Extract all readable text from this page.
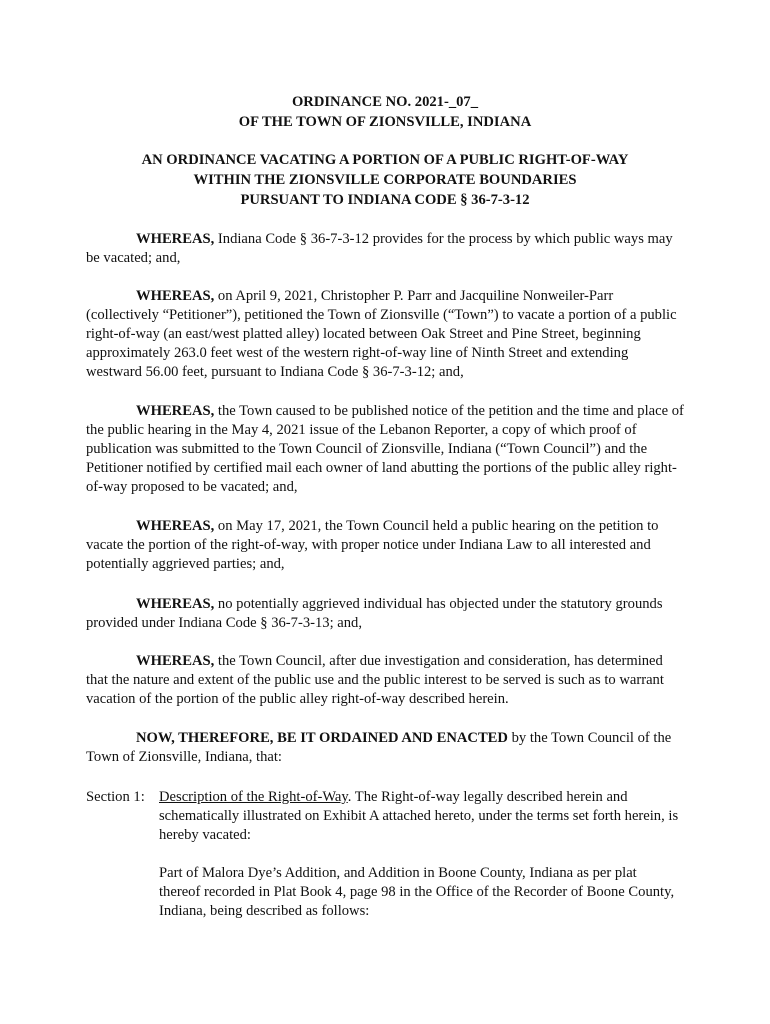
ORDINANCE NO. 2021-_07_

OF THE TOWN OF ZIONSVILLE, INDIANA

AN ORDINANCE VACATING A PORTION OF A PUBLIC RIGHT-OF-WAY

WITHIN THE ZIONSVILLE CORPORATE BOUNDARIES

PURSUANT TO INDIANA CODE § 36-7-3-12

WHEREAS, Indiana Code § 36-7-3-12 provides for the process by which public ways may be vacated; and,

WHEREAS, on April 9, 2021, Christopher P. Parr and Jacquiline Nonweiler-Parr (collectively “Petitioner”), petitioned the Town of Zionsville (“Town”) to vacate a portion of a public right-of-way (an east/west platted alley) located between Oak Street and Pine Street, beginning approximately 263.0 feet west of the western right-of-way line of Ninth Street and extending westward 56.00 feet, pursuant to Indiana Code § 36-7-3-12; and,

WHEREAS, the Town caused to be published notice of the petition and the time and place of the public hearing in the May 4, 2021 issue of the Lebanon Reporter, a copy of which proof of publication was submitted to the Town Council of Zionsville, Indiana (“Town Council”) and the Petitioner notified by certified mail each owner of land abutting the portions of the public alley right-of-way proposed to be vacated; and,

WHEREAS, on May 17, 2021, the Town Council held a public hearing on the petition to vacate the portion of the right-of-way, with proper notice under Indiana Law to all interested and potentially aggrieved parties; and,

WHEREAS, no potentially aggrieved individual has objected under the statutory grounds provided under Indiana Code § 36-7-3-13; and,

WHEREAS, the Town Council, after due investigation and consideration, has determined that the nature and extent of the public use and the public interest to be served is such as to warrant vacation of the portion of the public alley right-of-way described herein.

NOW, THEREFORE, BE IT ORDAINED AND ENACTED by the Town Council of the Town of Zionsville, Indiana, that:

Section 1: Description of the Right-of-Way. The Right-of-way legally described herein and schematically illustrated on Exhibit A attached hereto, under the terms set forth herein, is hereby vacated:

Part of Malora Dye’s Addition, and Addition in Boone County, Indiana as per plat thereof recorded in Plat Book 4, page 98 in the Office of the Recorder of Boone County, Indiana, being described as follows:
